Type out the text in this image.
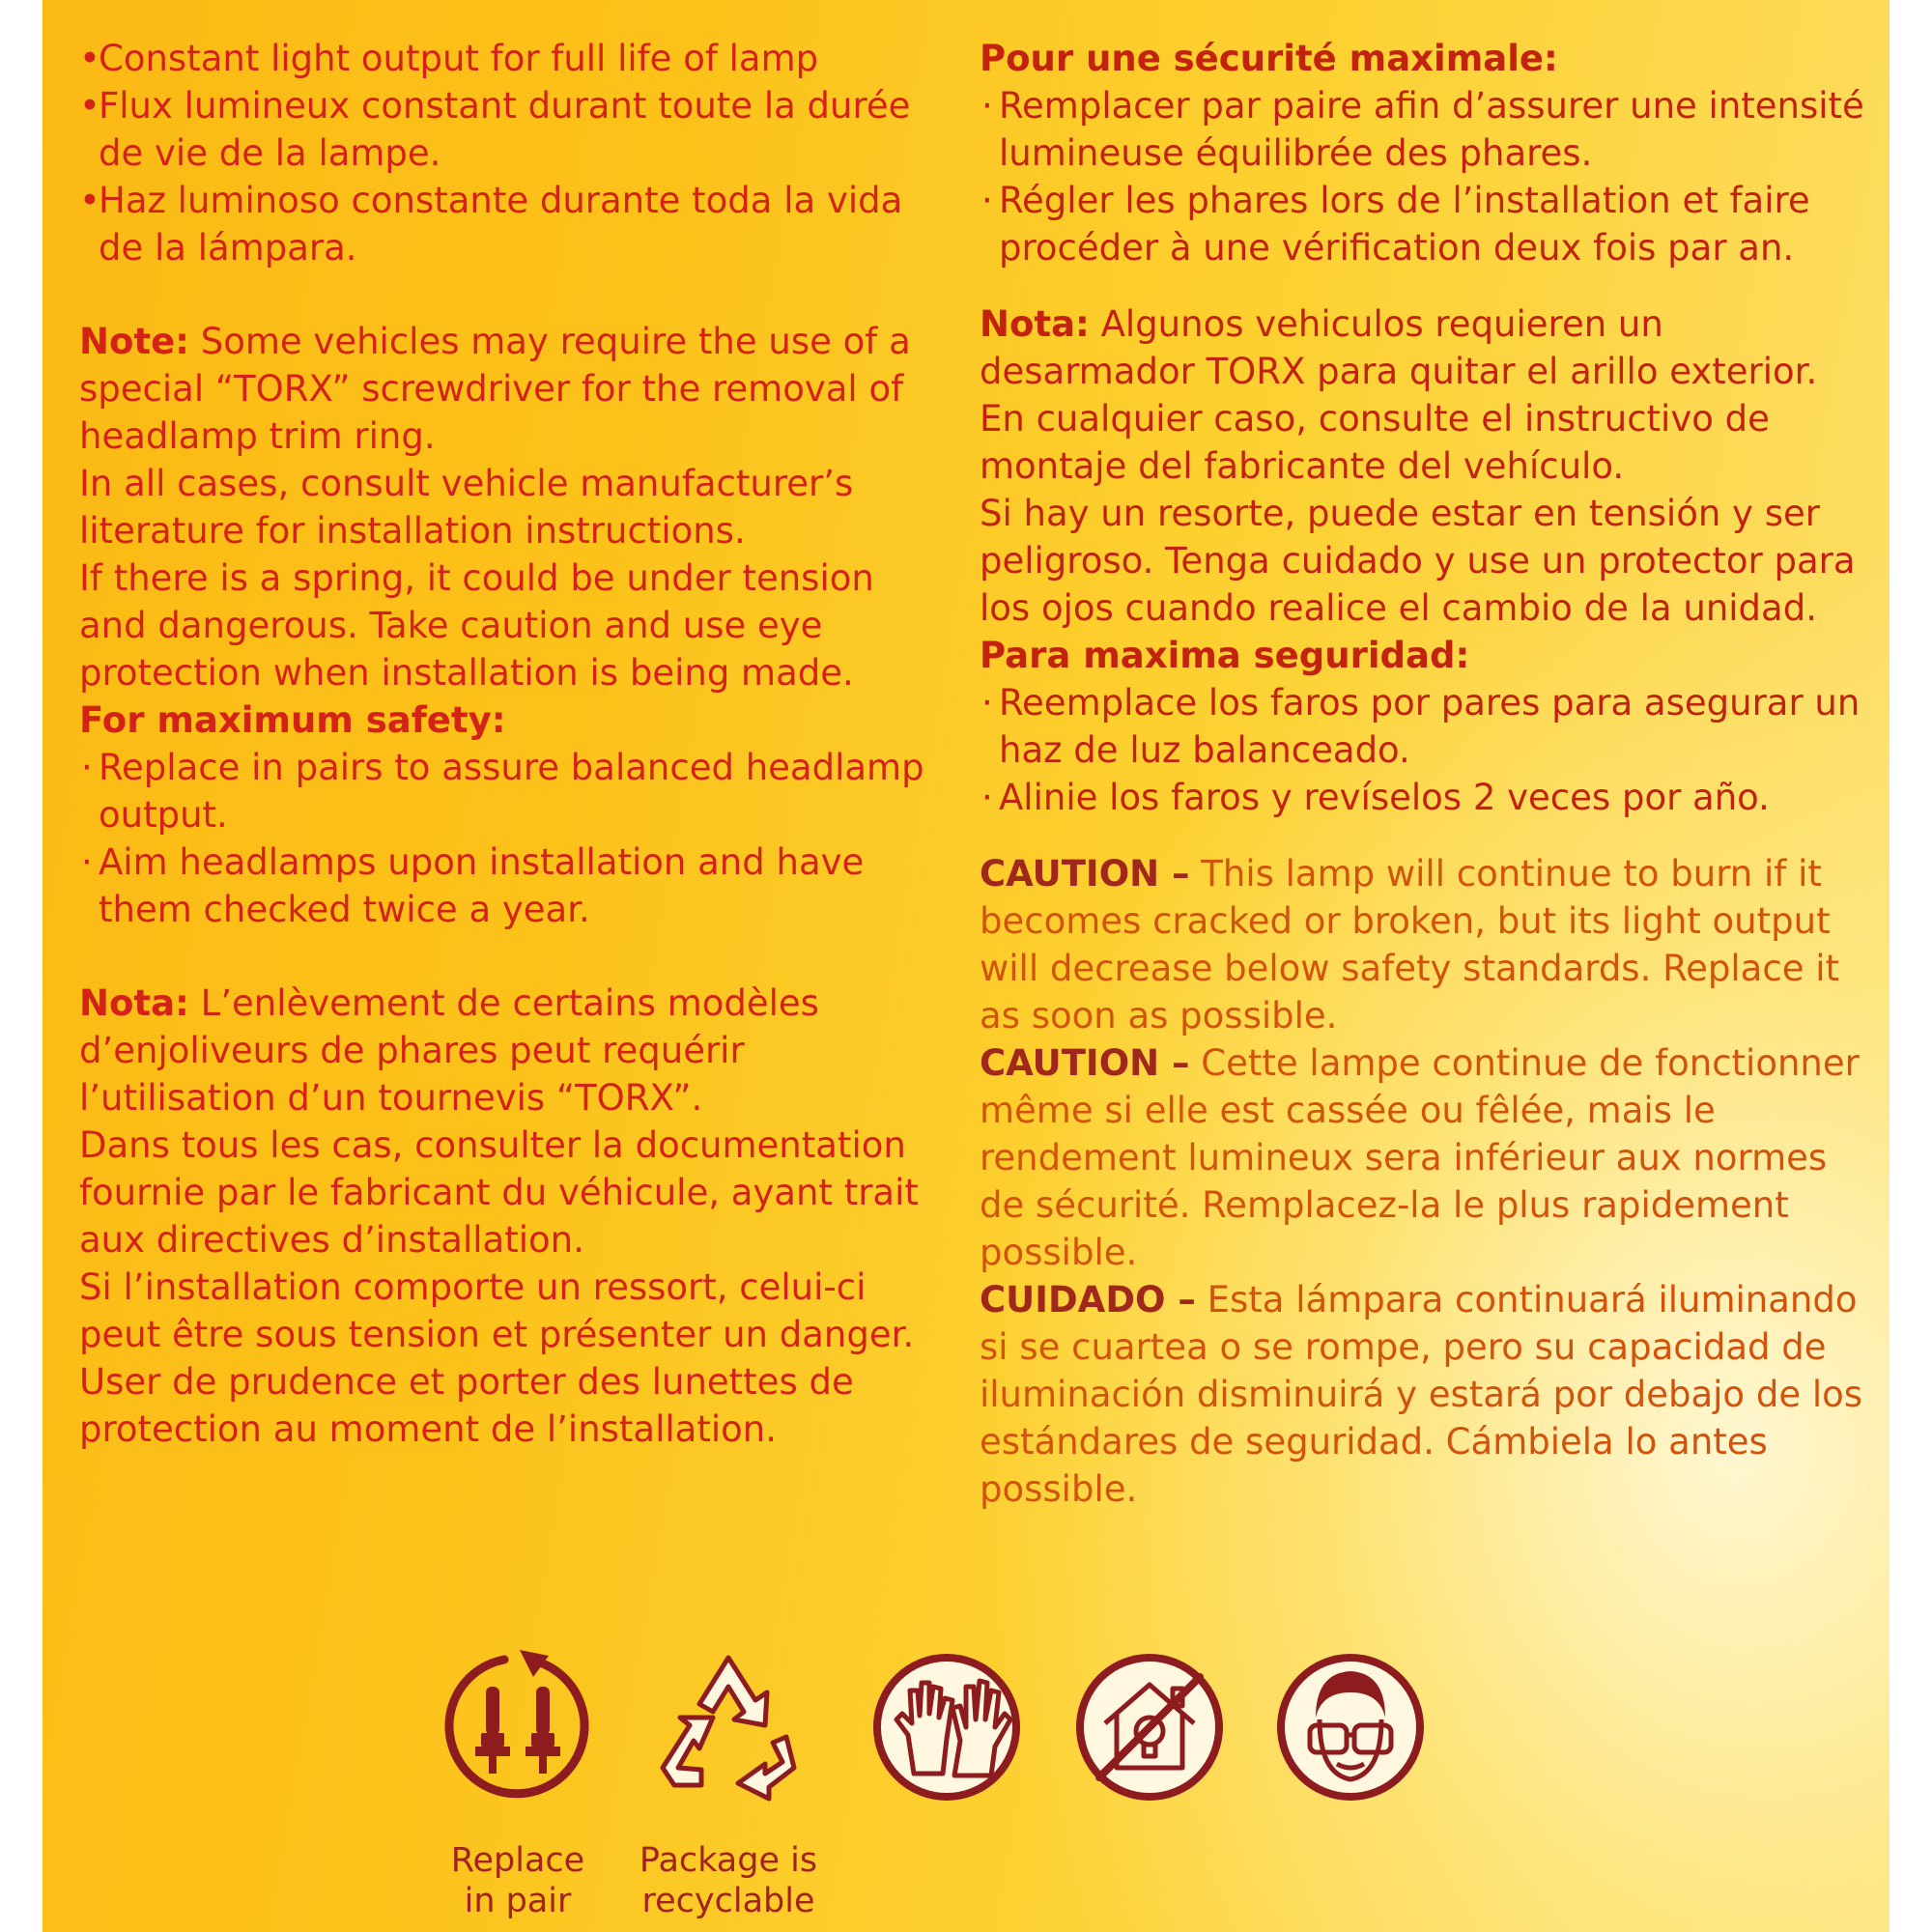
• Constant light output for full life of lamp

• Flux lumineux constant durant toute la durée de vie de la lampe.

• Haz luminoso constante durante toda la vida de la lámpara.

Note: Some vehicles may require the use of a special “TORX” screwdriver for the removal of headlamp trim ring.

In all cases, consult vehicle manufacturer’s literature for installation instructions.

If there is a spring, it could be under tension and dangerous. Take caution and use eye protection when installation is being made.

For maximum safety:

· Replace in pairs to assure balanced headlamp output.

· Aim headlamps upon installation and have them checked twice a year.

Nota: L’enlèvement de certains modèles d’enjoliveurs de phares peut requérir l’utilisation d’un tournevis “TORX”.

Dans tous les cas, consulter la documentation fournie par le fabricant du véhicule, ayant trait aux directives d’installation.

Si l’installation comporte un ressort, celui-ci peut être sous tension et présenter un danger. User de prudence et porter des lunettes de protection au moment de l’installation.

Pour une sécurité maximale:

· Remplacer par paire afin d’assurer une intensité lumineuse équilibrée des phares.

· Régler les phares lors de l’installation et faire procéder à une vérification deux fois par an.

Nota: Algunos vehiculos requieren un desarmador TORX para quitar el arillo exterior.

En cualquier caso, consulte el instructivo de montaje del fabricante del vehículo.

Si hay un resorte, puede estar en tensión y ser peligroso. Tenga cuidado y use un protector para los ojos cuando realice el cambio de la unidad.

Para maxima seguridad:

· Reemplace los faros por pares para asegurar un haz de luz balanceado.

· Alinie los faros y revíselos 2 veces por año.

CAUTION – This lamp will continue to burn if it becomes cracked or broken, but its light output will decrease below safety standards. Replace it as soon as possible.

CAUTION – Cette lampe continue de fonctionner même si elle est cassée ou fêlée, mais le rendement lumineux sera inférieur aux normes de sécurité. Remplacez-la le plus rapidement possible.

CUIDADO – Esta lámpara continuará iluminando si se cuartea o se rompe, pero su capacidad de iluminación disminuirá y estará por debajo de los estándares de seguridad. Cámbiela lo antes possible.

Replace
in pair
Package is
recyclable
